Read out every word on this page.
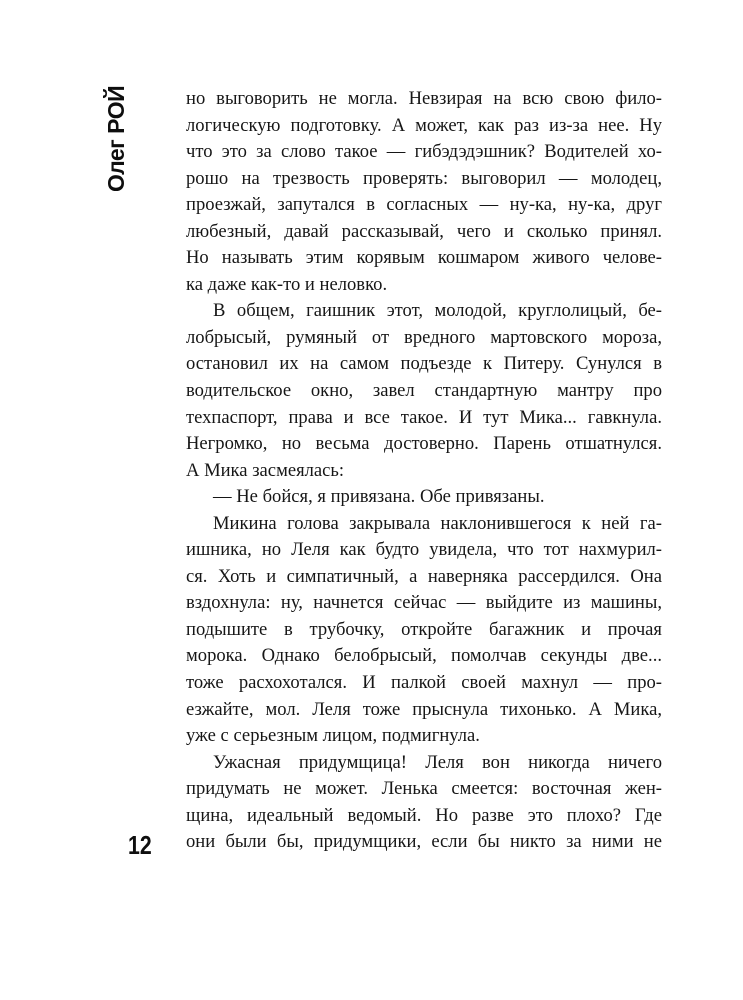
Олег РОЙ
12
но выговорить не могла. Невзирая на всю свою фило-
логическую подготовку. А может, как раз из-за нее. Ну
что это за слово такое — гибэдэдэшник? Водителей хо-
рошо на трезвость проверять: выговорил — молодец,
проезжай, запутался в согласных — ну-ка, ну-ка, друг
любезный, давай рассказывай, чего и сколько принял.
Но называть этим корявым кошмаром живого челове-
ка даже как-то и неловко.
В общем, гаишник этот, молодой, круглолицый, бе-
лобрысый, румяный от вредного мартовского мороза,
остановил их на самом подъезде к Питеру. Сунулся в
водительское окно, завел стандартную мантру про
техпаспорт, права и все такое. И тут Мика... гавкнула.
Негромко, но весьма достоверно. Парень отшатнулся.
А Мика засмеялась:
— Не бойся, я привязана. Обе привязаны.
Микина голова закрывала наклонившегося к ней га-
ишника, но Леля как будто увидела, что тот нахмурил-
ся. Хоть и симпатичный, а наверняка рассердился. Она
вздохнула: ну, начнется сейчас — выйдите из машины,
подышите в трубочку, откройте багажник и прочая
морока. Однако белобрысый, помолчав секунды две...
тоже расхохотался. И палкой своей махнул — про-
езжайте, мол. Леля тоже прыснула тихонько. А Мика,
уже с серьезным лицом, подмигнула.
Ужасная придумщица! Леля вон никогда ничего
придумать не может. Ленька смеется: восточная жен-
щина, идеальный ведомый. Но разве это плохо? Где
они были бы, придумщики, если бы никто за ними не
